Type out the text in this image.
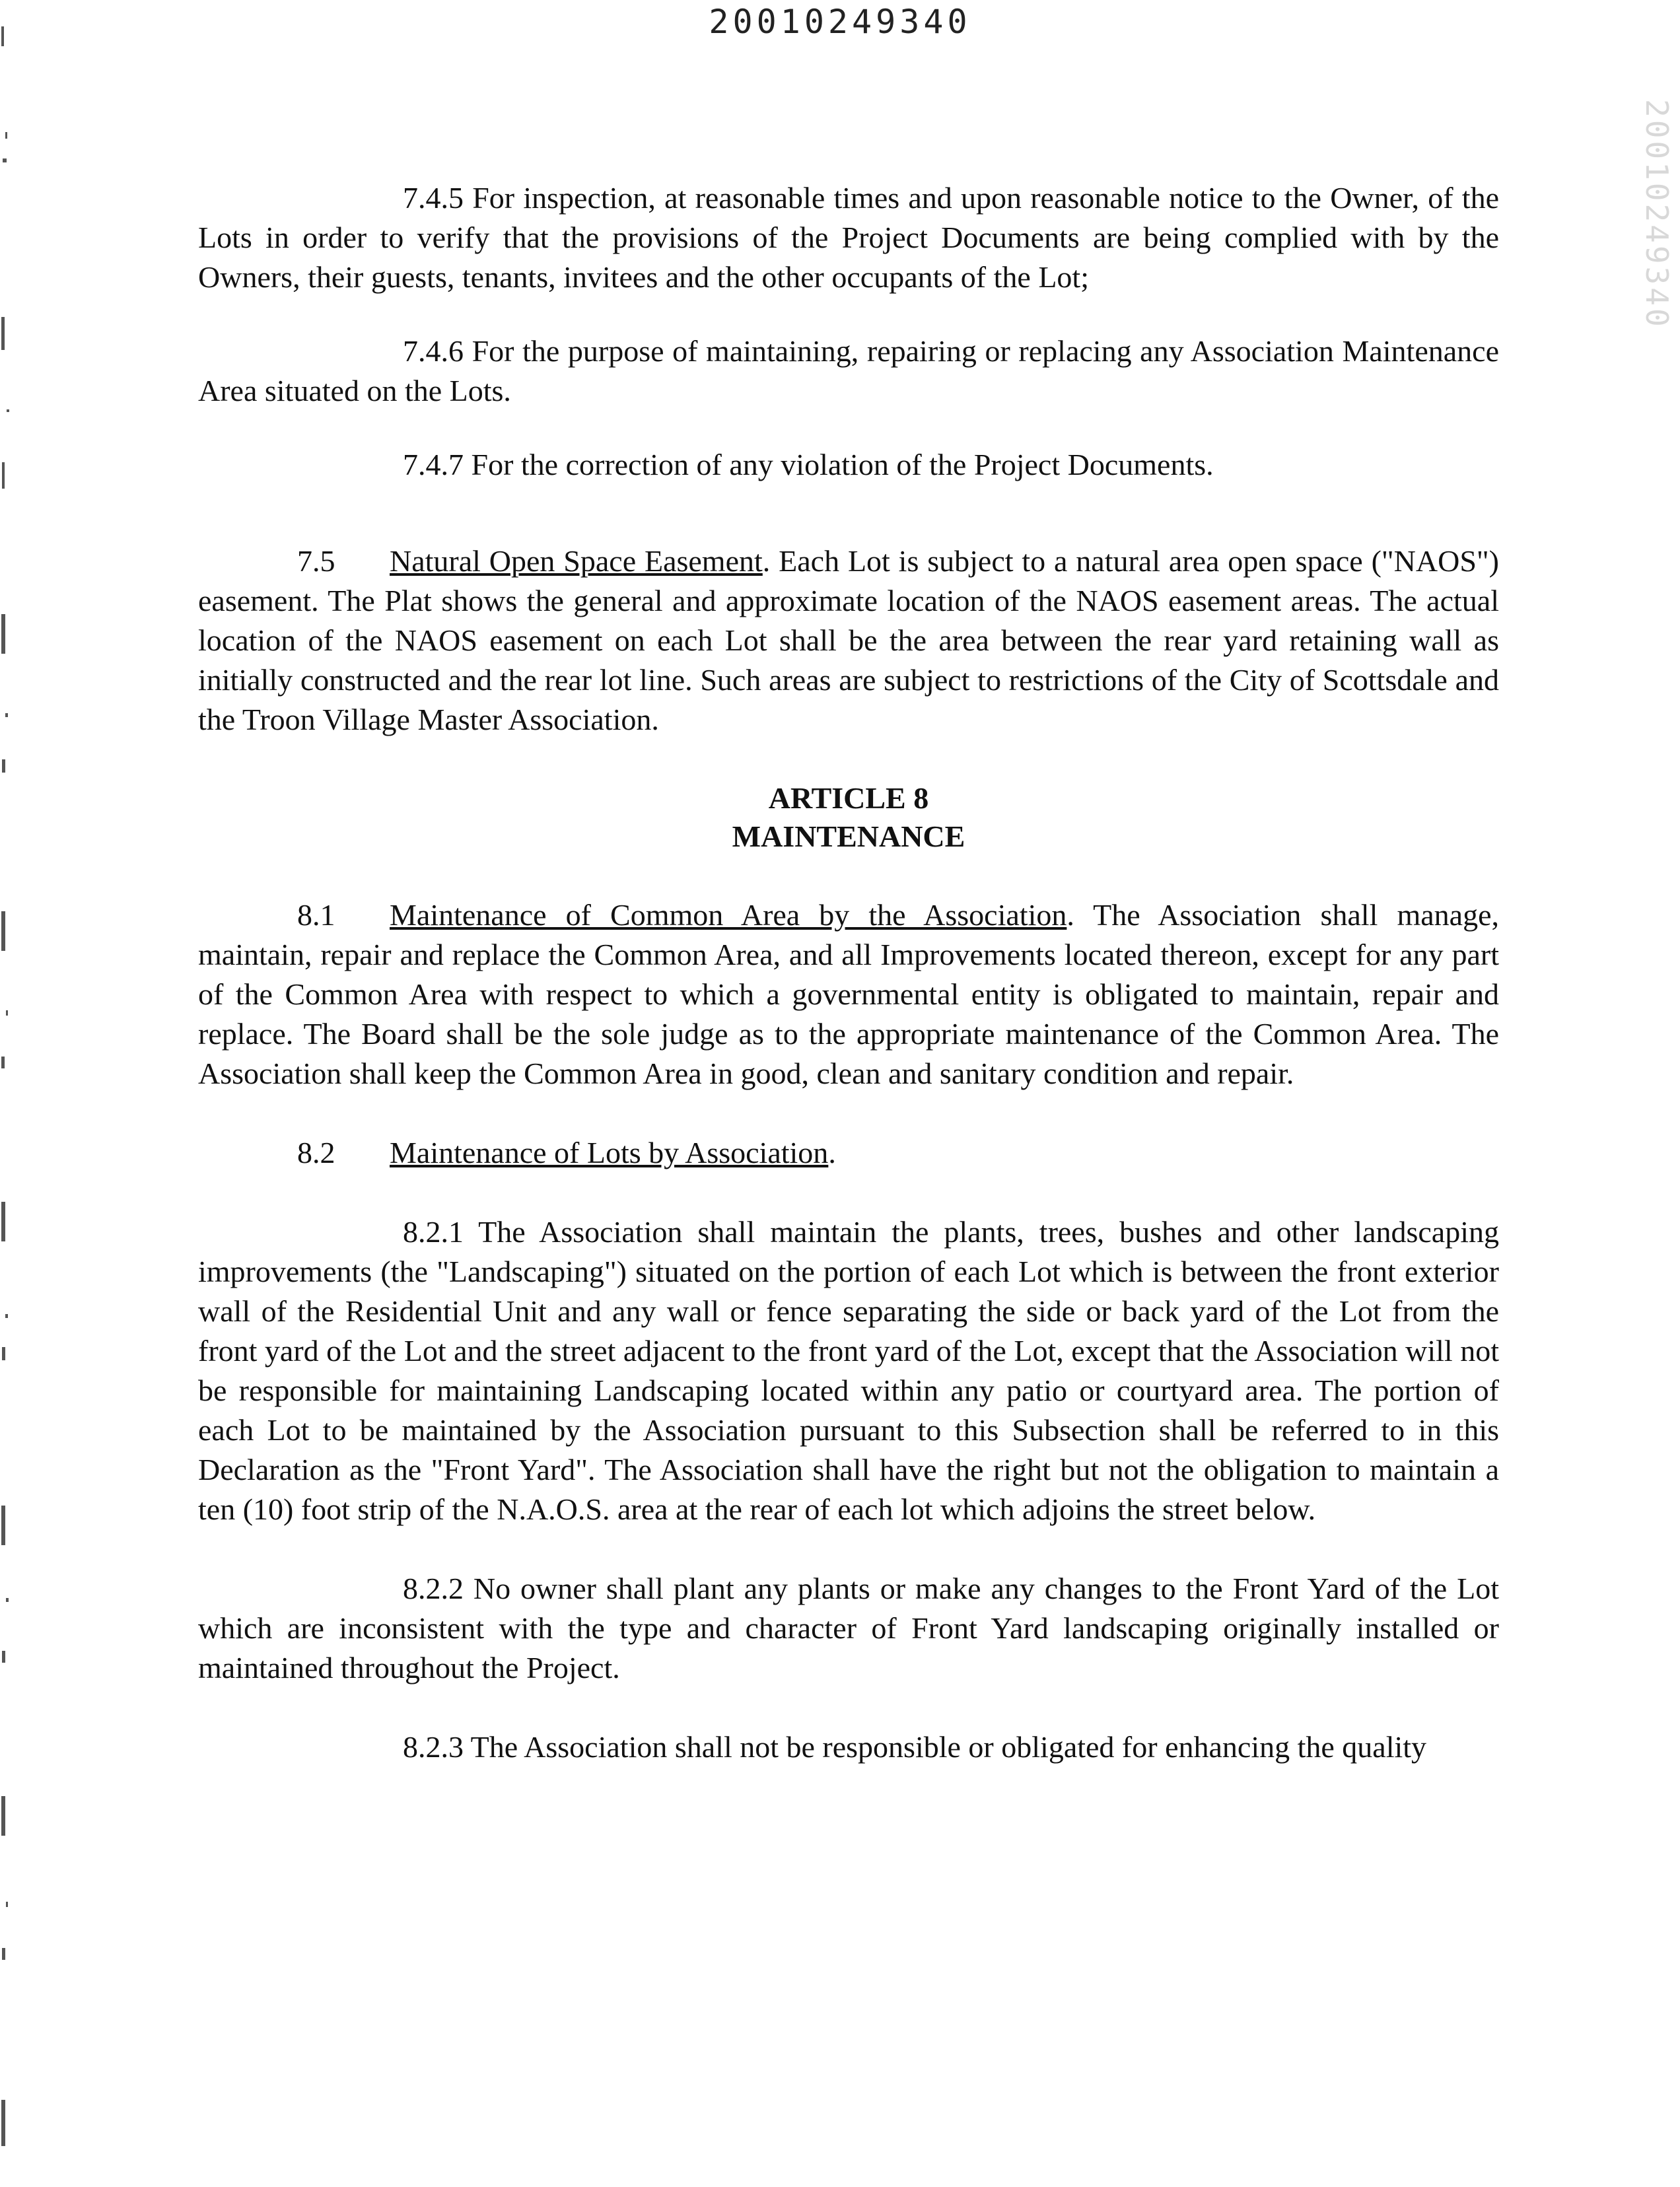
20010249340
20010249340

7.4.5 For inspection, at reasonable times and upon reasonable notice to the Owner, of the Lots in order to verify that the provisions of the Project Documents are being complied with by the Owners, their guests, tenants, invitees and the other occupants of the Lot;

7.4.6 For the purpose of maintaining, repairing or replacing any Association Maintenance Area situated on the Lots.

7.4.7 For the correction of any violation of the Project Documents.

7.5 Natural Open Space Easement. Each Lot is subject to a natural area open space ("NAOS") easement. The Plat shows the general and approximate location of the NAOS easement areas. The actual location of the NAOS easement on each Lot shall be the area between the rear yard retaining wall as initially constructed and the rear lot line. Such areas are subject to restrictions of the City of Scottsdale and the Troon Village Master Association.

ARTICLE 8

MAINTENANCE

8.1 Maintenance of Common Area by the Association. The Association shall manage, maintain, repair and replace the Common Area, and all Improvements located thereon, except for any part of the Common Area with respect to which a governmental entity is obligated to maintain, repair and replace. The Board shall be the sole judge as to the appropriate maintenance of the Common Area. The Association shall keep the Common Area in good, clean and sanitary condition and repair.

8.2 Maintenance of Lots by Association.

8.2.1 The Association shall maintain the plants, trees, bushes and other landscaping improvements (the "Landscaping") situated on the portion of each Lot which is between the front exterior wall of the Residential Unit and any wall or fence separating the side or back yard of the Lot from the front yard of the Lot and the street adjacent to the front yard of the Lot, except that the Association will not be responsible for maintaining Landscaping located within any patio or courtyard area. The portion of each Lot to be maintained by the Association pursuant to this Subsection shall be referred to in this Declaration as the "Front Yard". The Association shall have the right but not the obligation to maintain a ten (10) foot strip of the N.A.O.S. area at the rear of each lot which adjoins the street below.

8.2.2 No owner shall plant any plants or make any changes to the Front Yard of the Lot which are inconsistent with the type and character of Front Yard landscaping originally installed or maintained throughout the Project.

8.2.3 The Association shall not be responsible or obligated for enhancing the quality
